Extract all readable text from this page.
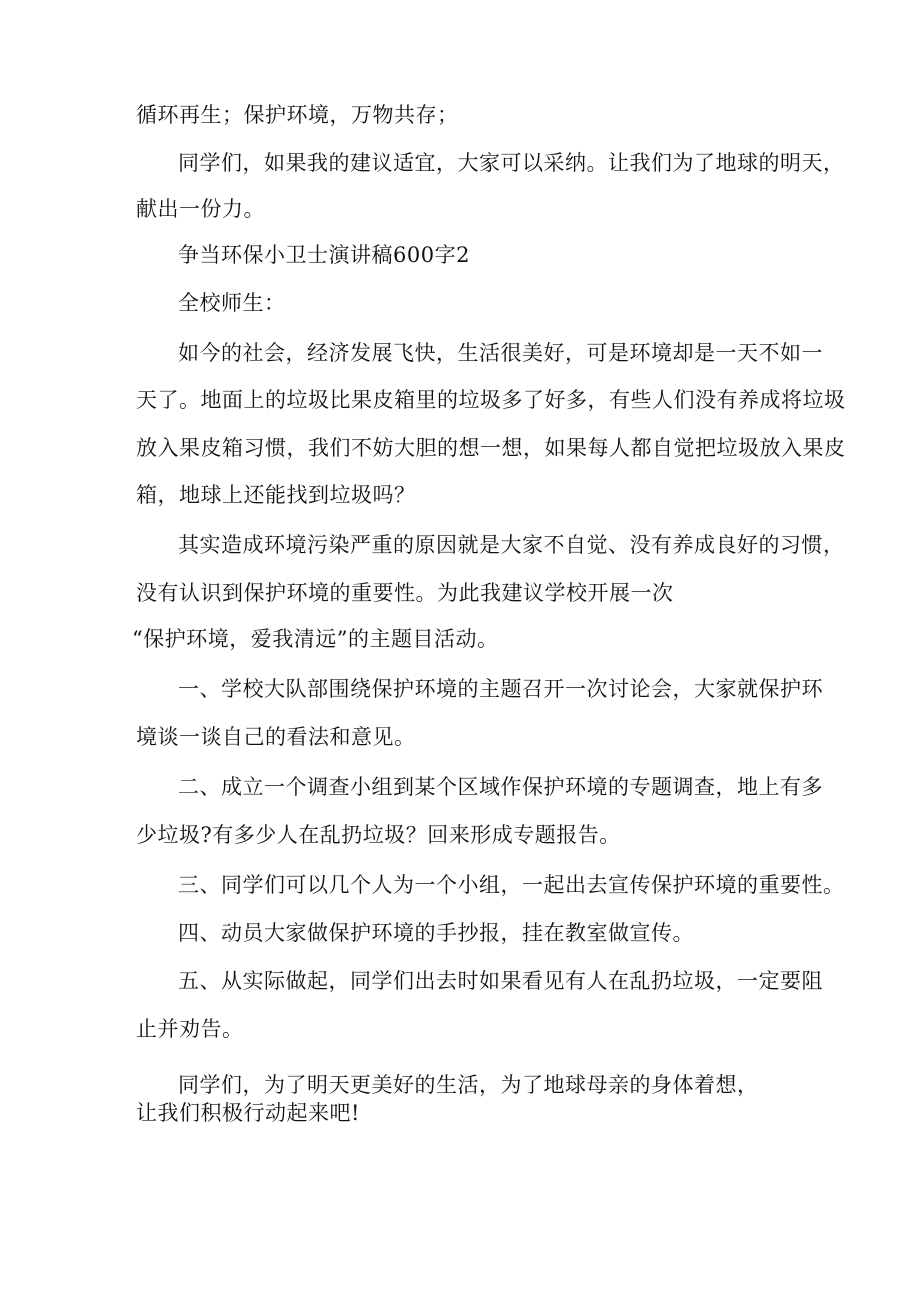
循环再生；保护环境，万物共存；
同学们，如果我的建议适宜，大家可以采纳。让我们为了地球的明天，
献出一份力。
争当环保小卫士演讲稿600字2
全校师生：
如今的社会，经济发展飞快，生活很美好，可是环境却是一天不如一
天了。地面上的垃圾比果皮箱里的垃圾多了好多，有些人们没有养成将垃圾
放入果皮箱习惯，我们不妨大胆的想一想，如果每人都自觉把垃圾放入果皮
箱，地球上还能找到垃圾吗？
其实造成环境污染严重的原因就是大家不自觉、没有养成良好的习惯，
没有认识到保护环境的重要性。为此我建议学校开展一次
“保护环境，爱我清远”的主题目活动。
一、学校大队部围绕保护环境的主题召开一次讨论会，大家就保护环
境谈一谈自己的看法和意见。
二、成立一个调查小组到某个区域作保护环境的专题调查，地上有多
少垃圾?有多少人在乱扔垃圾？回来形成专题报告。
三、同学们可以几个人为一个小组，一起出去宣传保护环境的重要性。
四、动员大家做保护环境的手抄报，挂在教室做宣传。
五、从实际做起，同学们出去时如果看见有人在乱扔垃圾，一定要阻
止并劝告。
同学们，为了明天更美好的生活，为了地球母亲的身体着想，
让我们积极行动起来吧!
